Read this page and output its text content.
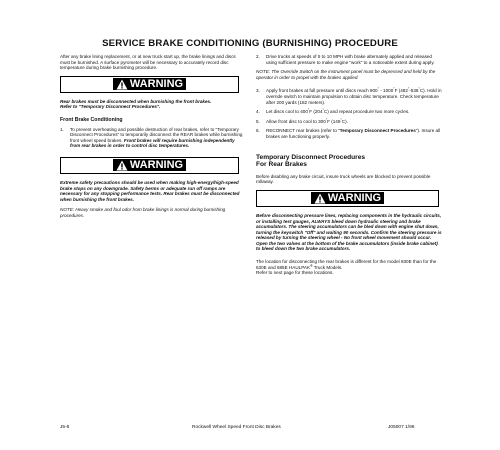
SERVICE BRAKE CONDITIONING (BURNISHING) PROCEDURE

After any brake lining replacement, or at new truck start up, the brake linings and discs must be burnished. A surface pyrometer will be necessary to accurately record disc temperature during brake burnishing procedure.

WARNING

Rear brakes must be disconnected when burnishing the front brakes.
Refer to "Temporary Disconnect Procedures".

Front Brake Conditioning
1.	To prevent overheating and possible destruction of rear brakes, refer to "Temporary Disconnect Procedures" to temporarily disconnect the REAR brakes while burnishing front wheel speed brakes. Front brakes will require burnishing independently from rear brakes in order to control disc temperatures.
WARNING

Extreme safety precautions should be used when making high-energy/high-speed brake stops on any downgrade. Safety berms or adequate run off ramps are necessary for any stopping performance tests. Rear brakes must be disconnected when burnishing the front brakes.

NOTE: Heavy smoke and foul odor from brake linings is normal during burnishing procedures.

2.	Drive trucks at speeds of 5 to 10 MPH with brake alternately applied and released using sufficient pressure to make engine "work" to a noticeable extent during apply.

NOTE: The Override Switch on the instrument panel must be depressed and held by the operator in order to propel with the brakes applied.

3.	Apply front brakes at full pressure until discs reach 900° - 1000°F (482°-538°C). Hold in override switch to maintain propulsion to obtain disc temperature. Check temperature after 200 yards (182 meters).
4.	Let discs cool to 400°F (204°C) and repeat procedure two more cycles.
5.	Allow front disc to cool to 300°F (149°C).
6.	RECONNECT rear brakes (refer to "Temporary Disconnect Procedures"). Insure all brakes are functioning properly.
Temporary Disconnect Procedures
For Rear Brakes

Before disabling any brake circuit, insure truck wheels are blocked to prevent possible rollaway.

WARNING

Before disconnecting pressure lines, replacing components in the hydraulic circuits, or installing test gauges, ALWAYS bleed down hydraulic steering and brake accumulators. The steering accumulators can be bled down with engine shut down, turning the keyswitch "Off" and waiting 90 seconds. Confirm the steering pressure is released by turning the steering wheel - No front wheel movement should occur. Open the two valves at the bottom of the brake accumulators (inside brake cabinet) to bleed down the two brake accumulators.

The location for disconnecting the rear brakes is different for the model 830E than for the 630E and 685E HAULPAK® Truck Models.
Refer to next page for these locations.

J5-6	Rockwell Wheel Speed Front Disc Brakes	J05007 1/96
